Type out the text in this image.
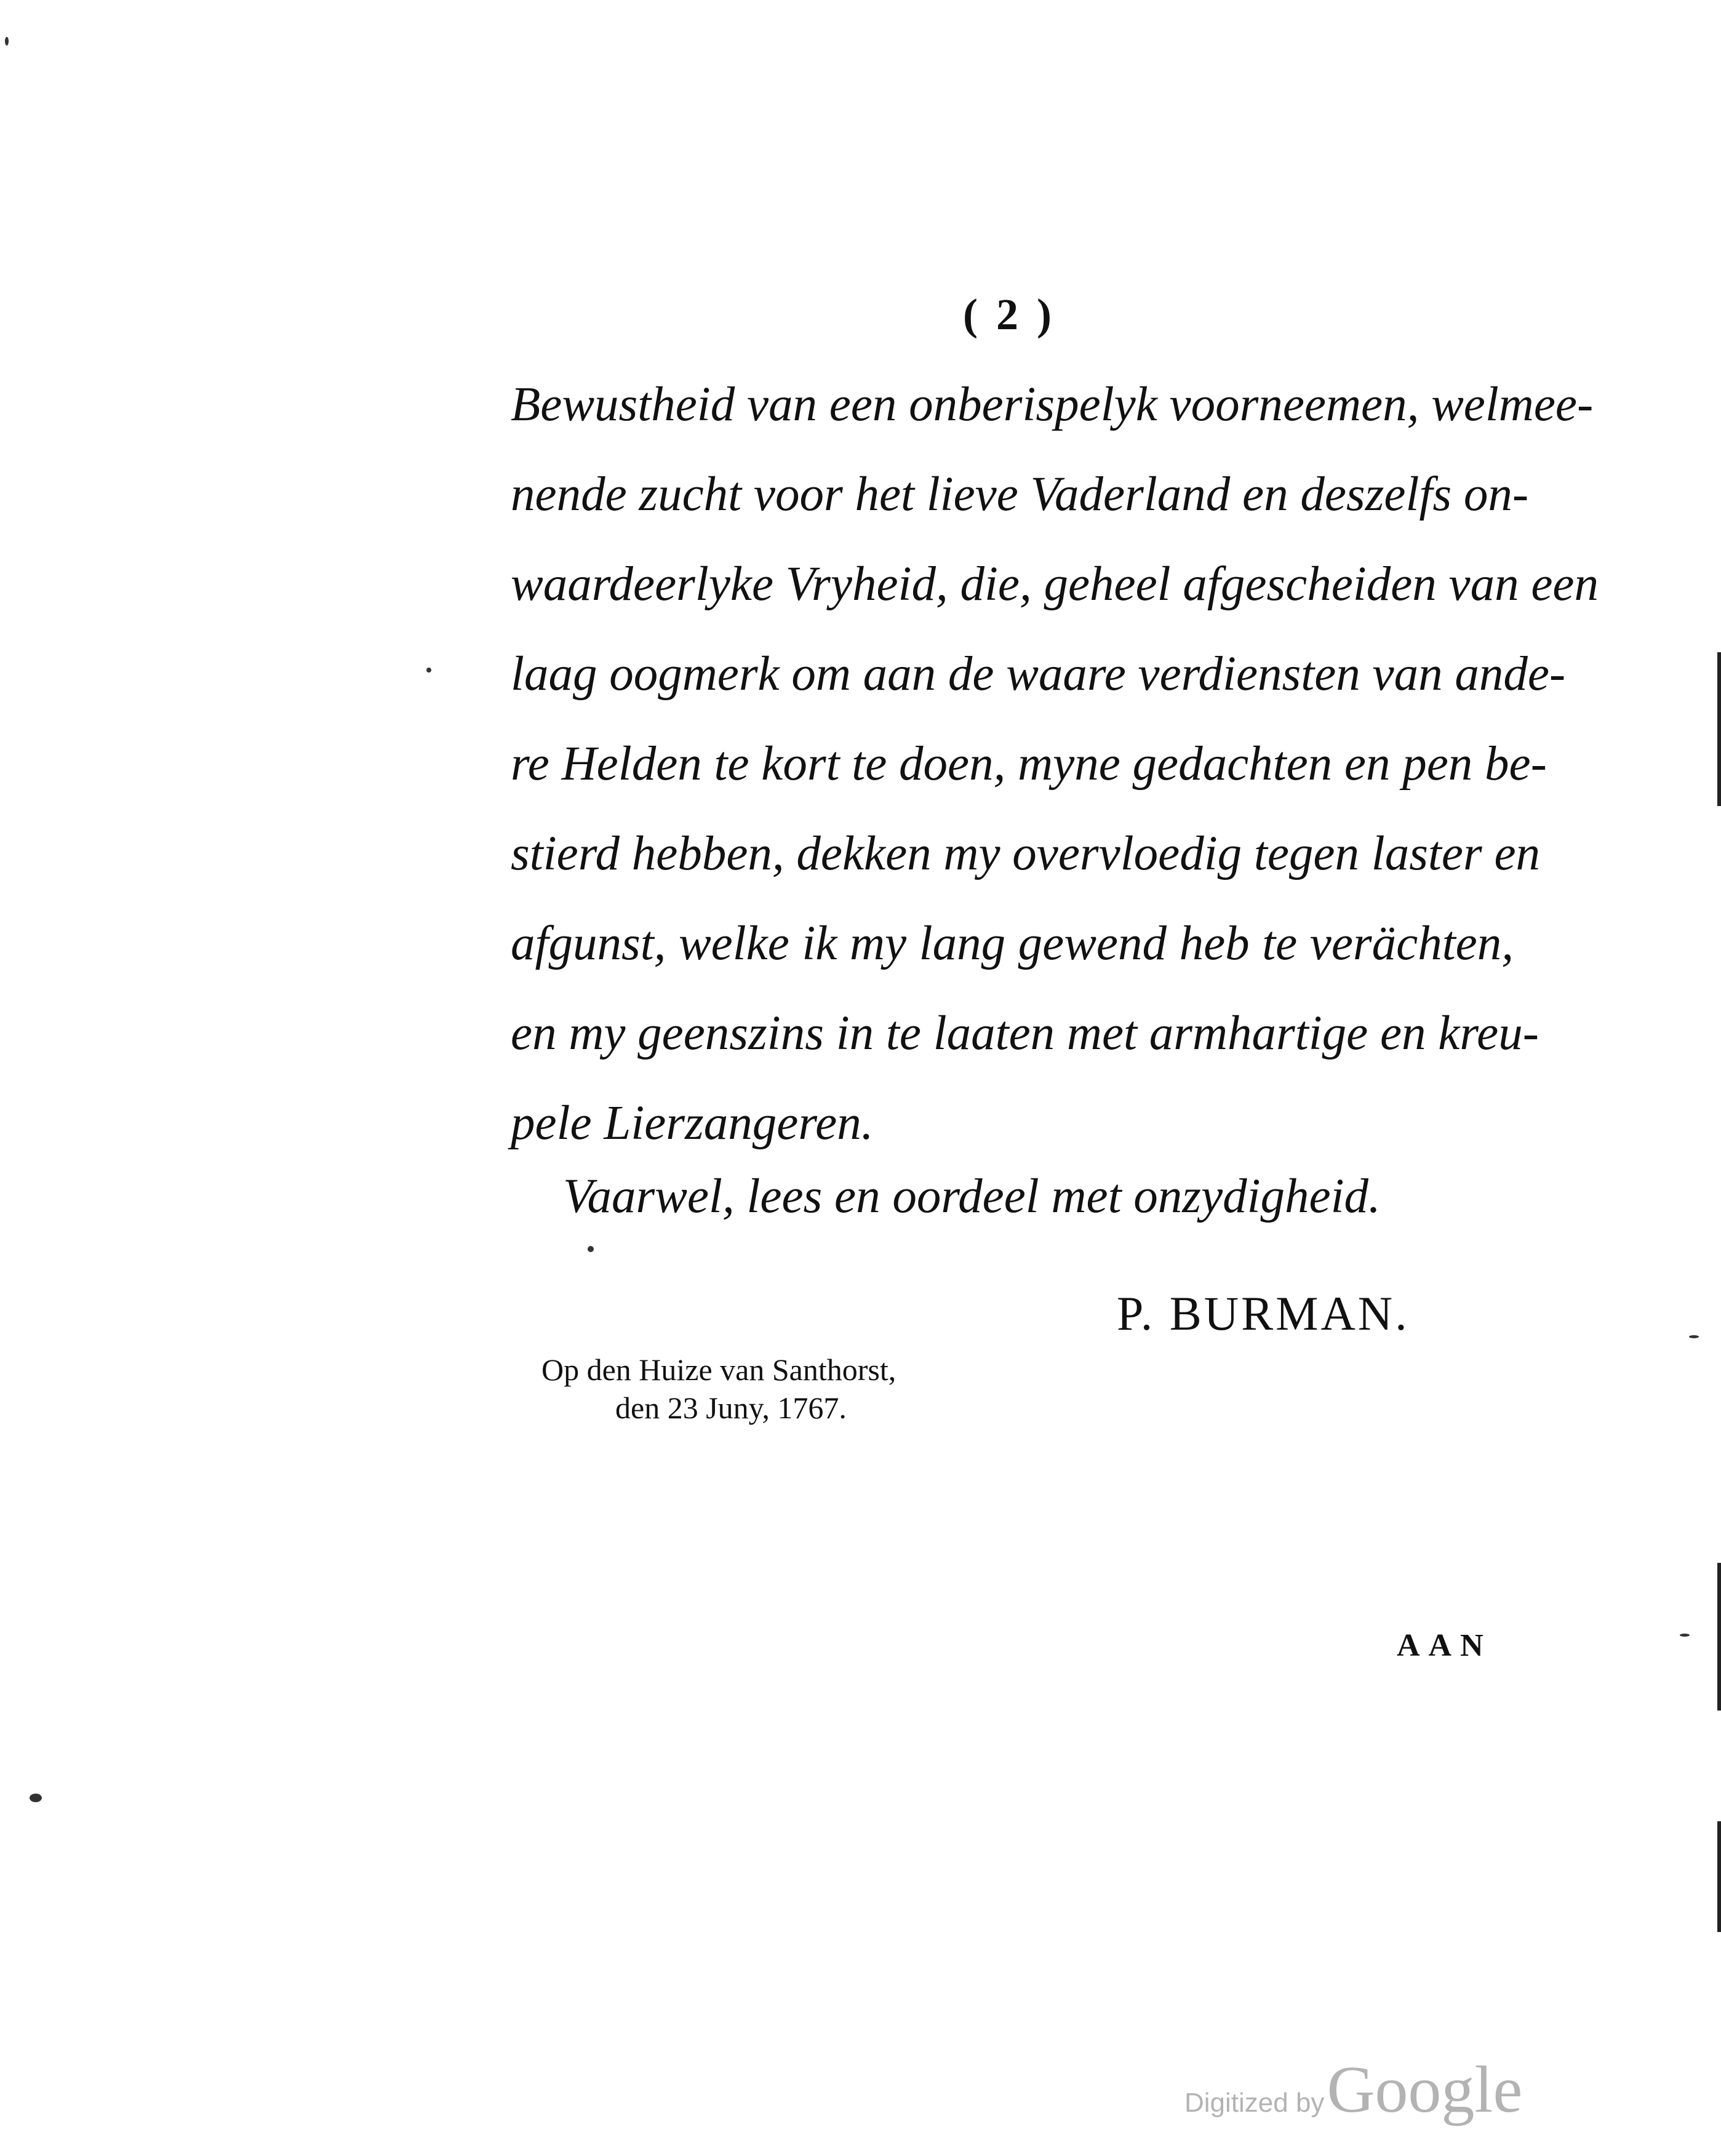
( 2 )
Bewustheid van een onberispelyk voorneemen, welmee-
nende zucht voor het lieve Vaderland en deszelfs on-
waardeerlyke Vryheid, die, geheel afgescheiden van een
laag oogmerk om aan de waare verdiensten van ande-
re Helden te kort te doen, myne gedachten en pen be-
stierd hebben, dekken my overvloedig tegen laster en
afgunst, welke ik my lang gewend heb te verächten,
en my geenszins in te laaten met armhartige en kreu-
pele Lierzangeren.
Vaarwel, lees en oordeel met onzydigheid.
P. BURMAN.
Op den Huize van Santhorst,
den 23 Juny, 1767.
AAN
Digitized by Google
